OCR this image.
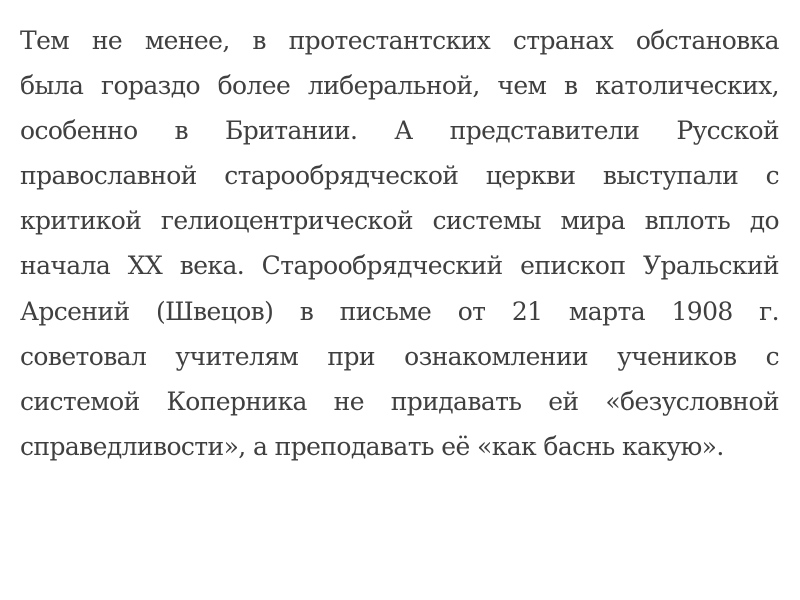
Тем не менее, в протестантских странах обстановка
была гораздо более либеральной, чем в католических,
особенно в Британии. А представители Русской
православной старообрядческой церкви выступали с
критикой гелиоцентрической системы мира вплоть до
начала XX века. Старообрядческий епископ Уральский
Арсений (Швецов) в письме от 21 марта 1908 г.
советовал учителям при ознакомлении учеников с
системой Коперника не придавать ей «безусловной
справедливости», а преподавать её «как баснь какую».
